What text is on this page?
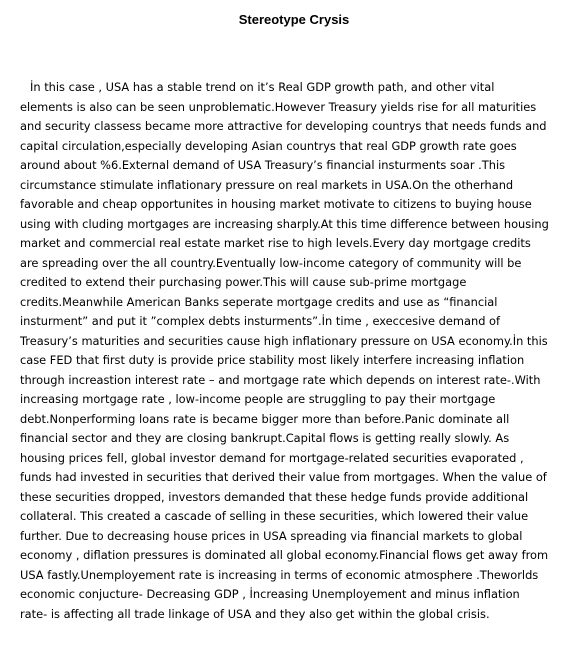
Stereotype Crysis

İn this case , USA has a stable trend on it’s Real GDP growth path, and other vital elements is also can be seen unproblematic.However Treasury yields rise for all maturities and security classess became more attractive for developing countrys that needs funds and capital circulation,especially developing Asian countrys that real GDP growth rate goes around about %6.External demand of USA Treasury’s financial insturments soar .This circumstance stimulate inflationary pressure on real markets in USA.On the otherhand favorable and cheap opportunites in housing market motivate to citizens to buying house using with cluding mortgages are increasing sharply.At this time difference between housing market and commercial real estate market rise to high levels.Every day mortgage credits are spreading over the all country.Eventually low-income category of community will be credited to extend their purchasing power.This will cause sub-prime mortgage credits.Meanwhile American Banks seperate mortgage credits and use as “financial insturment” and put it ”complex debts insturments”.İn time , execcesive demand of Treasury’s maturities and securities cause high inflationary pressure on USA economy.İn this case FED that first duty is provide price stability most likely interfere increasing inflation through increastion interest rate – and mortgage rate which depends on interest rate-.With increasing mortgage rate , low-income people are struggling to pay their mortgage debt.Nonperforming loans rate is became bigger more than before.Panic dominate all financial sector and they are closing bankrupt.Capital flows is getting really slowly. As housing prices fell, global investor demand for mortgage-related securities evaporated , funds had invested in securities that derived their value from mortgages. When the value of these securities dropped, investors demanded that these hedge funds provide additional collateral. This created a cascade of selling in these securities, which lowered their value further. Due to decreasing house prices in USA spreading via financial markets to global economy , diflation pressures is dominated all global economy.Financial flows get away from USA fastly.Unemployement rate is increasing in terms of economic atmosphere .Theworlds economic conjucture- Decreasing GDP , İncreasing Unemployement and minus inflation rate- is affecting all trade linkage of USA and they also get within the global crisis.
